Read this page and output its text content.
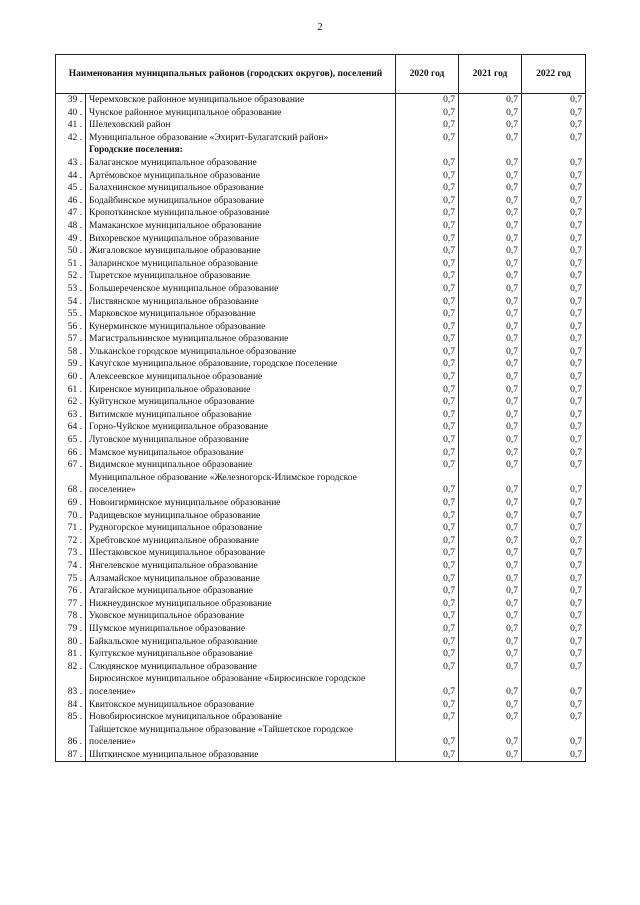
2
Наименования муниципальных районов (городских округов), поселений		2020 год	2021 год	2022 год
39 .	Черемховское районное муниципальное образование	0,7	0,7	0,7
40 .	Чунское районное муниципальное образование	0,7	0,7	0,7
41 .	Шелеховский район	0,7	0,7	0,7
42 .	Муниципальное образование «Эхирит-Булагатский район»	0,7	0,7	0,7
	Городские поселения:			
43 .	Балаганское муниципальное образование	0,7	0,7	0,7
44 .	Артёмовское муниципальное образование	0,7	0,7	0,7
45 .	Балахнинское муниципальное образование	0,7	0,7	0,7
46 .	Бодайбинское муниципальное образование	0,7	0,7	0,7
47 .	Кропоткинское муниципальное образование	0,7	0,7	0,7
48 .	Мамаканское муниципальное образование	0,7	0,7	0,7
49 .	Вихоревское муниципальное образование	0,7	0,7	0,7
50 .	Жигаловское муниципальное образование	0,7	0,7	0,7
51 .	Заларинское муниципальное образование	0,7	0,7	0,7
52 .	Тыретское муниципальное образование	0,7	0,7	0,7
53 .	Большереченское муниципальное образование	0,7	0,7	0,7
54 .	Листвянское муниципальное образование	0,7	0,7	0,7
55 .	Марковское муниципальное образование	0,7	0,7	0,7
56 .	Кунерминское муниципальное образование	0,7	0,7	0,7
57 .	Магистральнинское муниципальное образование	0,7	0,7	0,7
58 .	Улькансkoe городское муниципальное образование	0,7	0,7	0,7
59 .	Качугское муниципальное образование, городское поселение	0,7	0,7	0,7
60 .	Алексеевское муниципальное образование	0,7	0,7	0,7
61 .	Киренское муниципальное образование	0,7	0,7	0,7
62 .	Куйтунское муниципальное образование	0,7	0,7	0,7
63 .	Витимское муниципальное образование	0,7	0,7	0,7
64 .	Горно-Чуйское муниципальное образование	0,7	0,7	0,7
65 .	Луговское муниципальное образование	0,7	0,7	0,7
66 .	Мамское муниципальное образование	0,7	0,7	0,7
67 .	Видимское муниципальное образование	0,7	0,7	0,7
68 .	Муниципальное образование «Железногорск-Илимское городское поселение»	0,7	0,7	0,7
69 .	Новоигирминское муниципальное образование	0,7	0,7	0,7
70 .	Радищевское муниципальное образование	0,7	0,7	0,7
71 .	Рудногорское муниципальное образование	0,7	0,7	0,7
72 .	Хребтовское муниципальное образование	0,7	0,7	0,7
73 .	Шестаковское муниципальное образование	0,7	0,7	0,7
74 .	Янгелевское муниципальное образование	0,7	0,7	0,7
75 .	Алзамайское муниципальное образование	0,7	0,7	0,7
76 .	Атагайское муниципальное образование	0,7	0,7	0,7
77 .	Нижнеудинское муниципальное образование	0,7	0,7	0,7
78 .	Уковское муниципальное образование	0,7	0,7	0,7
79 .	Шумское муниципальное образование	0,7	0,7	0,7
80 .	Байкальское муниципальное образование	0,7	0,7	0,7
81 .	Култукское муниципальное образование	0,7	0,7	0,7
82 .	Слюдянское муниципальное образование	0,7	0,7	0,7
83 .	Бирюсинское муниципальное образование «Бирюсинское городское поселение»	0,7	0,7	0,7
84 .	Квитокское муниципальное образование	0,7	0,7	0,7
85 .	Новобирюсинское муниципальное образование	0,7	0,7	0,7
86 .	Тайшетское муниципальное образование «Тайшетское городское поселение»	0,7	0,7	0,7
87 .	Шиткинское муниципальное образование	0,7	0,7	0,7
